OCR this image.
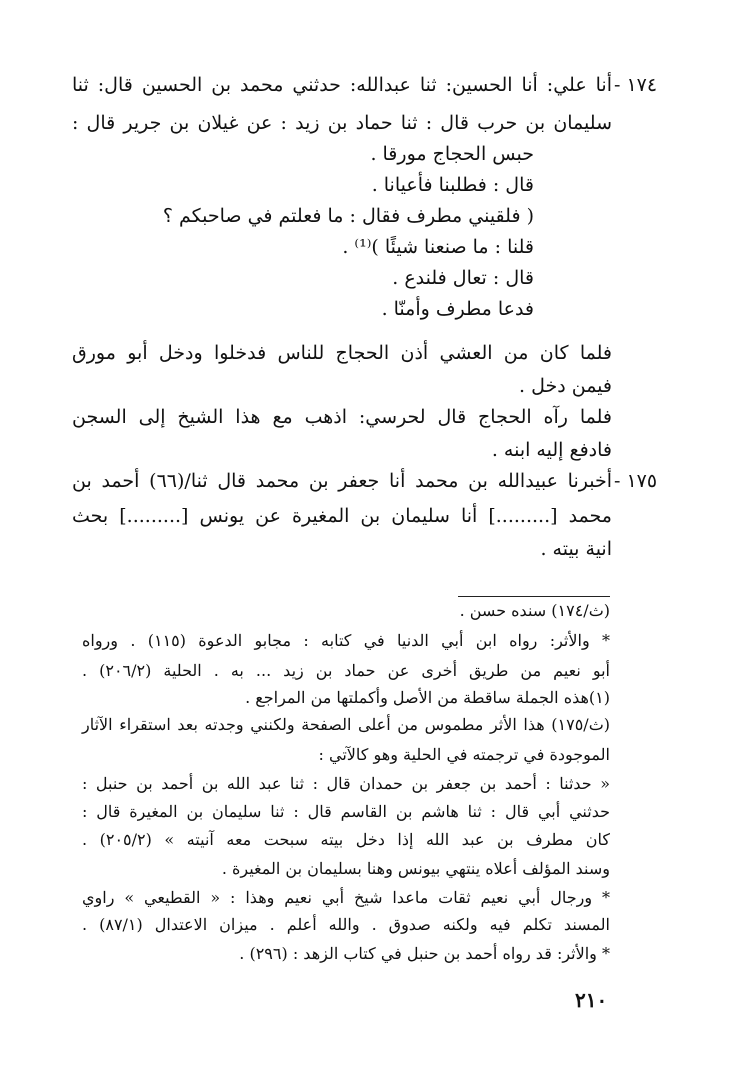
١٧٤ -
أنا علي: أنا الحسين: ثنا عبدالله: حدثني محمد بن الحسين قال: ثنا
سليمان بن حرب قال : ثنا حماد بن زيد : عن غيلان بن جرير قال :
حبس الحجاج مورقا .
قال : فطلبنا فأعيانا .
( فلقيني مطرف فقال : ما فعلتم في صاحبكم ؟
قلنا : ما صنعنا شيئًا )⁽¹⁾ .
قال : تعال فلندع .
فدعا مطرف وأمنّا .
فلما كان من العشي أذن الحجاج للناس فدخلوا ودخل أبو مورق
فيمن دخل .
فلما رآه الحجاج قال لحرسي: اذهب مع هذا الشيخ إلى السجن
فادفع إليه ابنه .
١٧٥ -
أخبرنا عبيدالله بن محمد أنا جعفر بن محمد قال ثنا/(٦٦) أحمد بن
محمد [.........] أنا سليمان بن المغيرة عن يونس [.........] بحث
انية بيته .
(ث/١٧٤) سنده حسن .
* والأثر: رواه ابن أبي الدنيا في كتابه : مجابو الدعوة (١١٥) . ورواه
أبو نعيم من طريق أخرى عن حماد بن زيد ... به . الحلية (٢٠٦/٢) .
(١)هذه الجملة ساقطة من الأصل وأكملتها من المراجع .
(ث/١٧٥) هذا الأثر مطموس من أعلى الصفحة ولكنني وجدته بعد استقراء الآثار
الموجودة في ترجمته في الحلية وهو كالآتي :
« حدثنا : أحمد بن جعفر بن حمدان قال : ثنا عبد الله بن أحمد بن حنبل :
حدثني أبي قال : ثنا هاشم بن القاسم قال : ثنا سليمان بن المغيرة قال :
كان مطرف بن عبد الله إذا دخل بيته سبحت معه آنيته » (٢٠٥/٢) .
وسند المؤلف أعلاه ينتهي بيونس وهنا بسليمان بن المغيرة .
* ورجال أبي نعيم ثقات ماعدا شيخ أبي نعيم وهذا : « القطيعي » راوي
المسند تكلم فيه ولكنه صدوق . والله أعلم . ميزان الاعتدال (٨٧/١) .
* والأثر: قد رواه أحمد بن حنبل في كتاب الزهد : (٢٩٦) .
٢١٠
